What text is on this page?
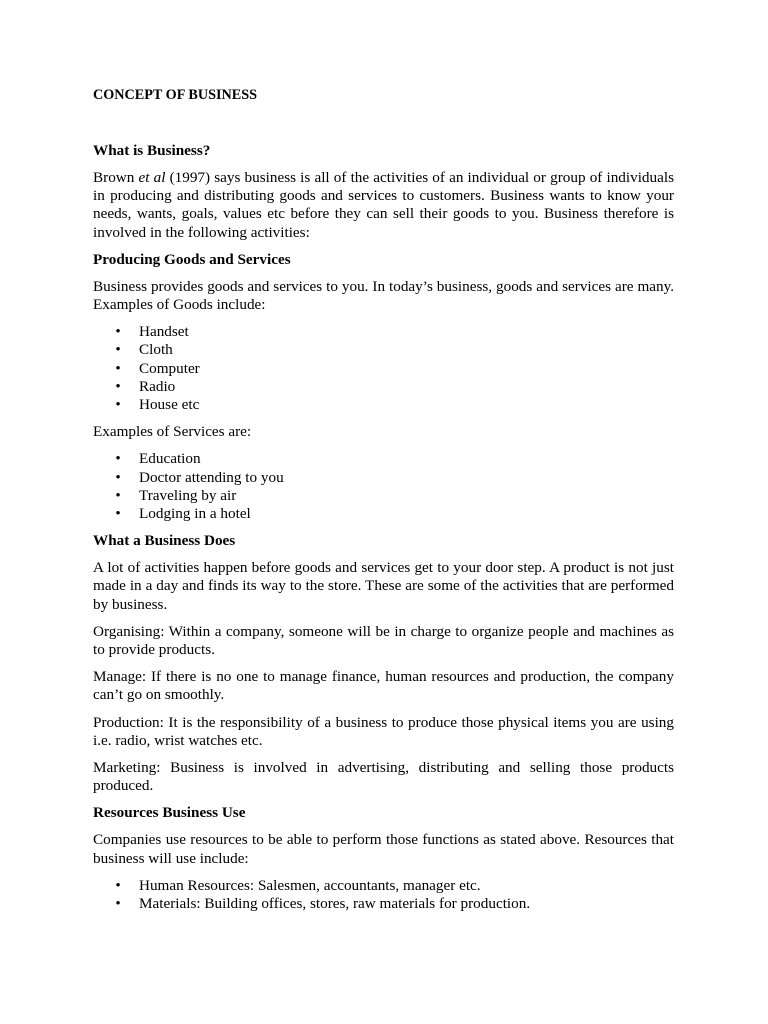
CONCEPT OF BUSINESS

What is Business?

Brown et al (1997) says business is all of the activities of an individual or group of individuals in producing and distributing goods and services to customers. Business wants to know your needs, wants, goals, values etc before they can sell their goods to you. Business therefore is involved in the following activities:

Producing Goods and Services

Business provides goods and services to you. In today’s business, goods and services are many. Examples of Goods include:

• Handset
• Cloth
• Computer
• Radio
• House etc

Examples of Services are:

• Education
• Doctor attending to you
• Traveling by air
• Lodging in a hotel

What a Business Does

A lot of activities happen before goods and services get to your door step. A product is not just made in a day and finds its way to the store. These are some of the activities that are performed by business.

Organising: Within a company, someone will be in charge to organize people and machines as to provide products.

Manage: If there is no one to manage finance, human resources and production, the company can’t go on smoothly.

Production: It is the responsibility of a business to produce those physical items you are using i.e. radio, wrist watches etc.

Marketing: Business is involved in advertising, distributing and selling those products produced.

Resources Business Use

Companies use resources to be able to perform those functions as stated above. Resources that business will use include:

• Human Resources: Salesmen, accountants, manager etc.
• Materials: Building offices, stores, raw materials for production.
